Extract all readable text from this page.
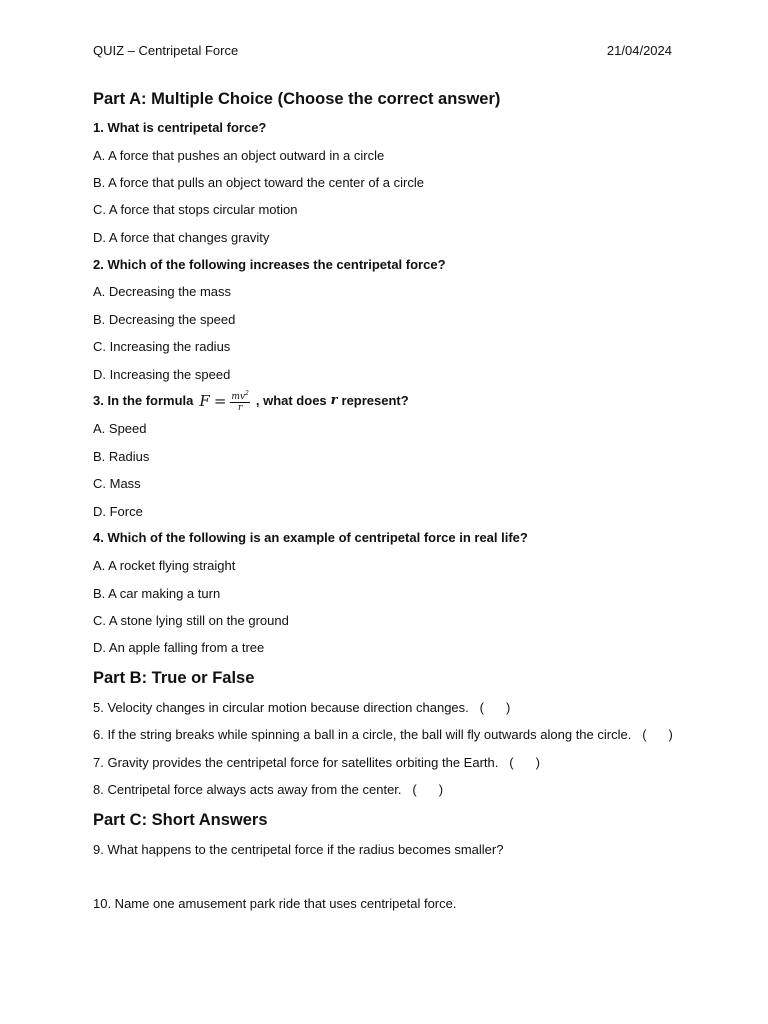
QUIZ – Centripetal Force	21/04/2024
Part A: Multiple Choice (Choose the correct answer)
1. What is centripetal force?
A. A force that pushes an object outward in a circle
B. A force that pulls an object toward the center of a circle
C. A force that stops circular motion
D. A force that changes gravity
2. Which of the following increases the centripetal force?
A. Decreasing the mass
B. Decreasing the speed
C. Increasing the radius
D. Increasing the speed
3. In the formula $F = \frac{mv^2}{r}$ , what does r represent?
A. Speed
B. Radius
C. Mass
D. Force
4. Which of the following is an example of centripetal force in real life?
A. A rocket flying straight
B. A car making a turn
C. A stone lying still on the ground
D. An apple falling from a tree
Part B: True or False
5. Velocity changes in circular motion because direction changes. ( )
6. If the string breaks while spinning a ball in a circle, the ball will fly outwards along the circle. ( )
7. Gravity provides the centripetal force for satellites orbiting the Earth. ( )
8. Centripetal force always acts away from the center. ( )
Part C: Short Answers
9. What happens to the centripetal force if the radius becomes smaller?
10. Name one amusement park ride that uses centripetal force.
